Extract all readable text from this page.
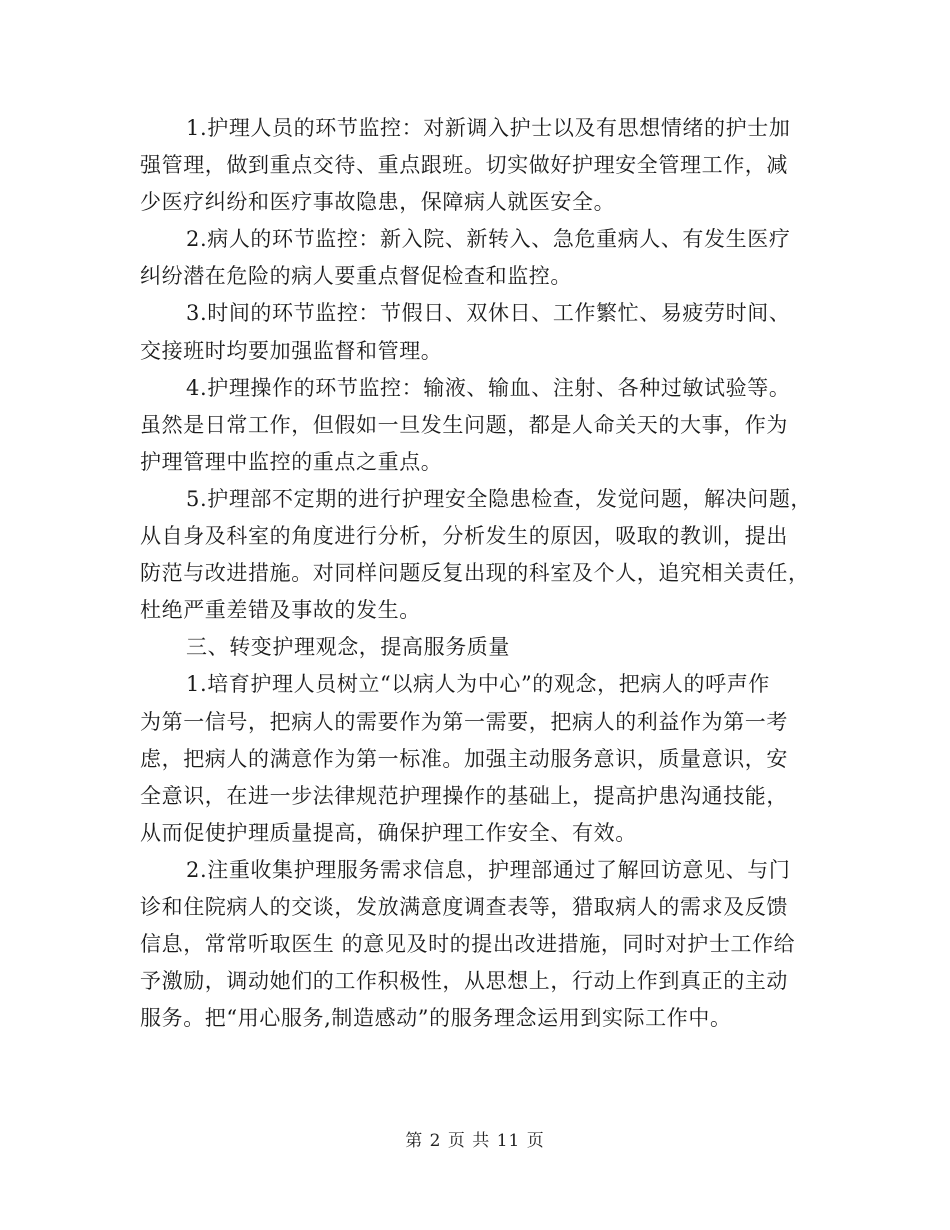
1.护理人员的环节监控：对新调入护士以及有思想情绪的护士加
强管理，做到重点交待、重点跟班。切实做好护理安全管理工作，减
少医疗纠纷和医疗事故隐患，保障病人就医安全。
2.病人的环节监控：新入院、新转入、急危重病人、有发生医疗
纠纷潜在危险的病人要重点督促检查和监控。
3.时间的环节监控：节假日、双休日、工作繁忙、易疲劳时间、
交接班时均要加强监督和管理。
4.护理操作的环节监控：输液、输血、注射、各种过敏试验等。
虽然是日常工作，但假如一旦发生问题，都是人命关天的大事，作为
护理管理中监控的重点之重点。
5.护理部不定期的进行护理安全隐患检查，发觉问题，解决问题，
从自身及科室的角度进行分析，分析发生的原因，吸取的教训，提出
防范与改进措施。对同样问题反复出现的科室及个人，追究相关责任，
杜绝严重差错及事故的发生。
三、转变护理观念，提高服务质量
1.培育护理人员树立“以病人为中心”的观念，把病人的呼声作
为第一信号，把病人的需要作为第一需要，把病人的利益作为第一考
虑，把病人的满意作为第一标准。加强主动服务意识，质量意识，安
全意识，在进一步法律规范护理操作的基础上，提高护患沟通技能，
从而促使护理质量提高，确保护理工作安全、有效。
2.注重收集护理服务需求信息，护理部通过了解回访意见、与门
诊和住院病人的交谈，发放满意度调查表等，猎取病人的需求及反馈
信息，常常听取医生 的意见及时的提出改进措施，同时对护士工作给
予激励，调动她们的工作积极性，从思想上，行动上作到真正的主动
服务。把“用心服务,制造感动”的服务理念运用到实际工作中。
第 2 页 共 11 页
